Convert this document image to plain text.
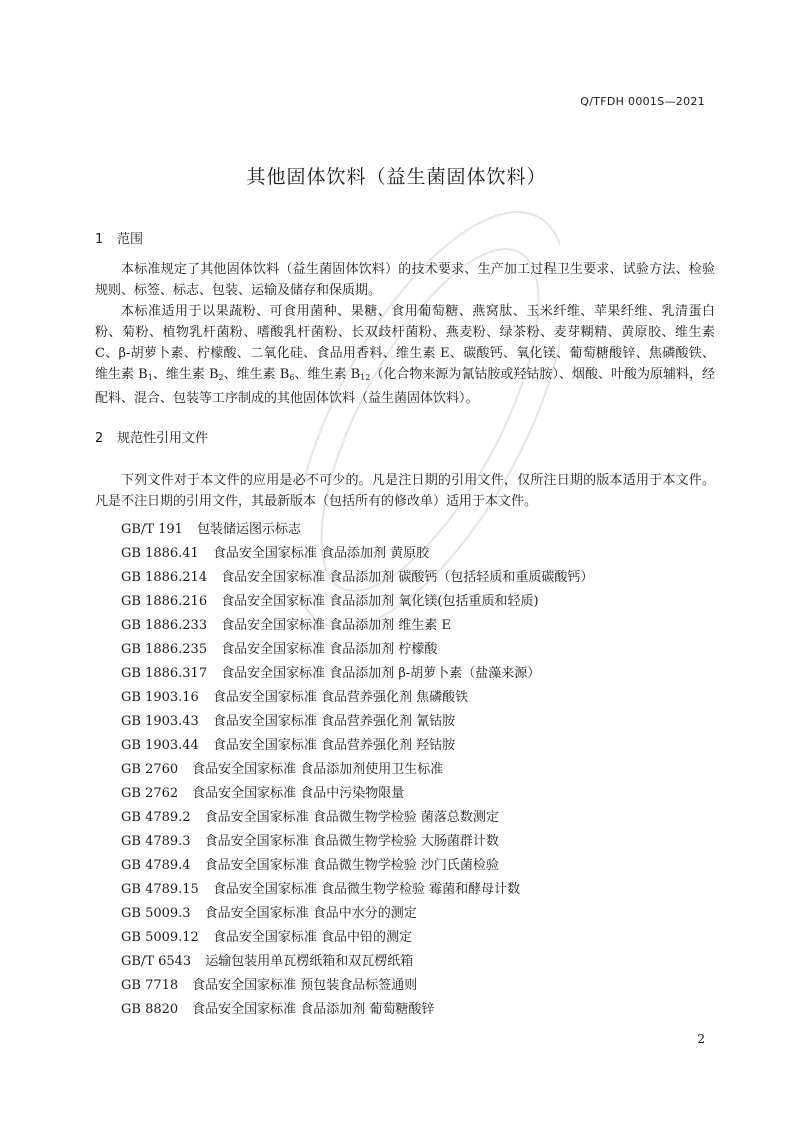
Q/TFDH 0001S—2021
其他固体饮料（益生菌固体饮料）
1 范围

本标准规定了其他固体饮料（益生菌固体饮料）的技术要求、生产加工过程卫生要求、试验方法、检验规则、标签、标志、包装、运输及储存和保质期。

本标准适用于以果蔬粉、可食用菌种、果糖、食用葡萄糖、燕窝肽、玉米纤维、苹果纤维、乳清蛋白粉、菊粉、植物乳杆菌粉、嗜酸乳杆菌粉、长双歧杆菌粉、燕麦粉、绿茶粉、麦芽糊精、黄原胶、维生素 C、β-胡萝卜素、柠檬酸、二氧化硅、食品用香料、维生素 E、碳酸钙、氧化镁、葡萄糖酸锌、焦磷酸铁、维生素 $B_1$、维生素 $B_2$、维生素 $B_6$、维生素 $B_{12}$（化合物来源为氰钴胺或羟钴胺）、烟酸、叶酸为原辅料，经配料、混合、包装等工序制成的其他固体饮料（益生菌固体饮料）。

2 规范性引用文件

下列文件对于本文件的应用是必不可少的。凡是注日期的引用文件，仅所注日期的版本适用于本文件。凡是不注日期的引用文件，其最新版本（包括所有的修改单）适用于本文件。

GB/T 191 包装储运图示标志
GB 1886.41 食品安全国家标准 食品添加剂 黄原胶
GB 1886.214 食品安全国家标准 食品添加剂 碳酸钙（包括轻质和重质碳酸钙）
GB 1886.216 食品安全国家标准 食品添加剂 氧化镁(包括重质和轻质)
GB 1886.233 食品安全国家标准 食品添加剂 维生素 E
GB 1886.235 食品安全国家标准 食品添加剂 柠檬酸
GB 1886.317 食品安全国家标准 食品添加剂 β-胡萝卜素（盐藻来源）
GB 1903.16 食品安全国家标准 食品营养强化剂 焦磷酸铁
GB 1903.43 食品安全国家标准 食品营养强化剂 氰钴胺
GB 1903.44 食品安全国家标准 食品营养强化剂 羟钴胺
GB 2760 食品安全国家标准 食品添加剂使用卫生标准
GB 2762 食品安全国家标准 食品中污染物限量
GB 4789.2 食品安全国家标准 食品微生物学检验 菌落总数测定
GB 4789.3 食品安全国家标准 食品微生物学检验 大肠菌群计数
GB 4789.4 食品安全国家标准 食品微生物学检验 沙门氏菌检验
GB 4789.15 食品安全国家标准 食品微生物学检验 霉菌和酵母计数
GB 5009.3 食品安全国家标准 食品中水分的测定
GB 5009.12 食品安全国家标准 食品中铅的测定
GB/T 6543 运输包装用单瓦楞纸箱和双瓦楞纸箱
GB 7718 食品安全国家标准 预包装食品标签通则
GB 8820 食品安全国家标准 食品添加剂 葡萄糖酸锌
2
